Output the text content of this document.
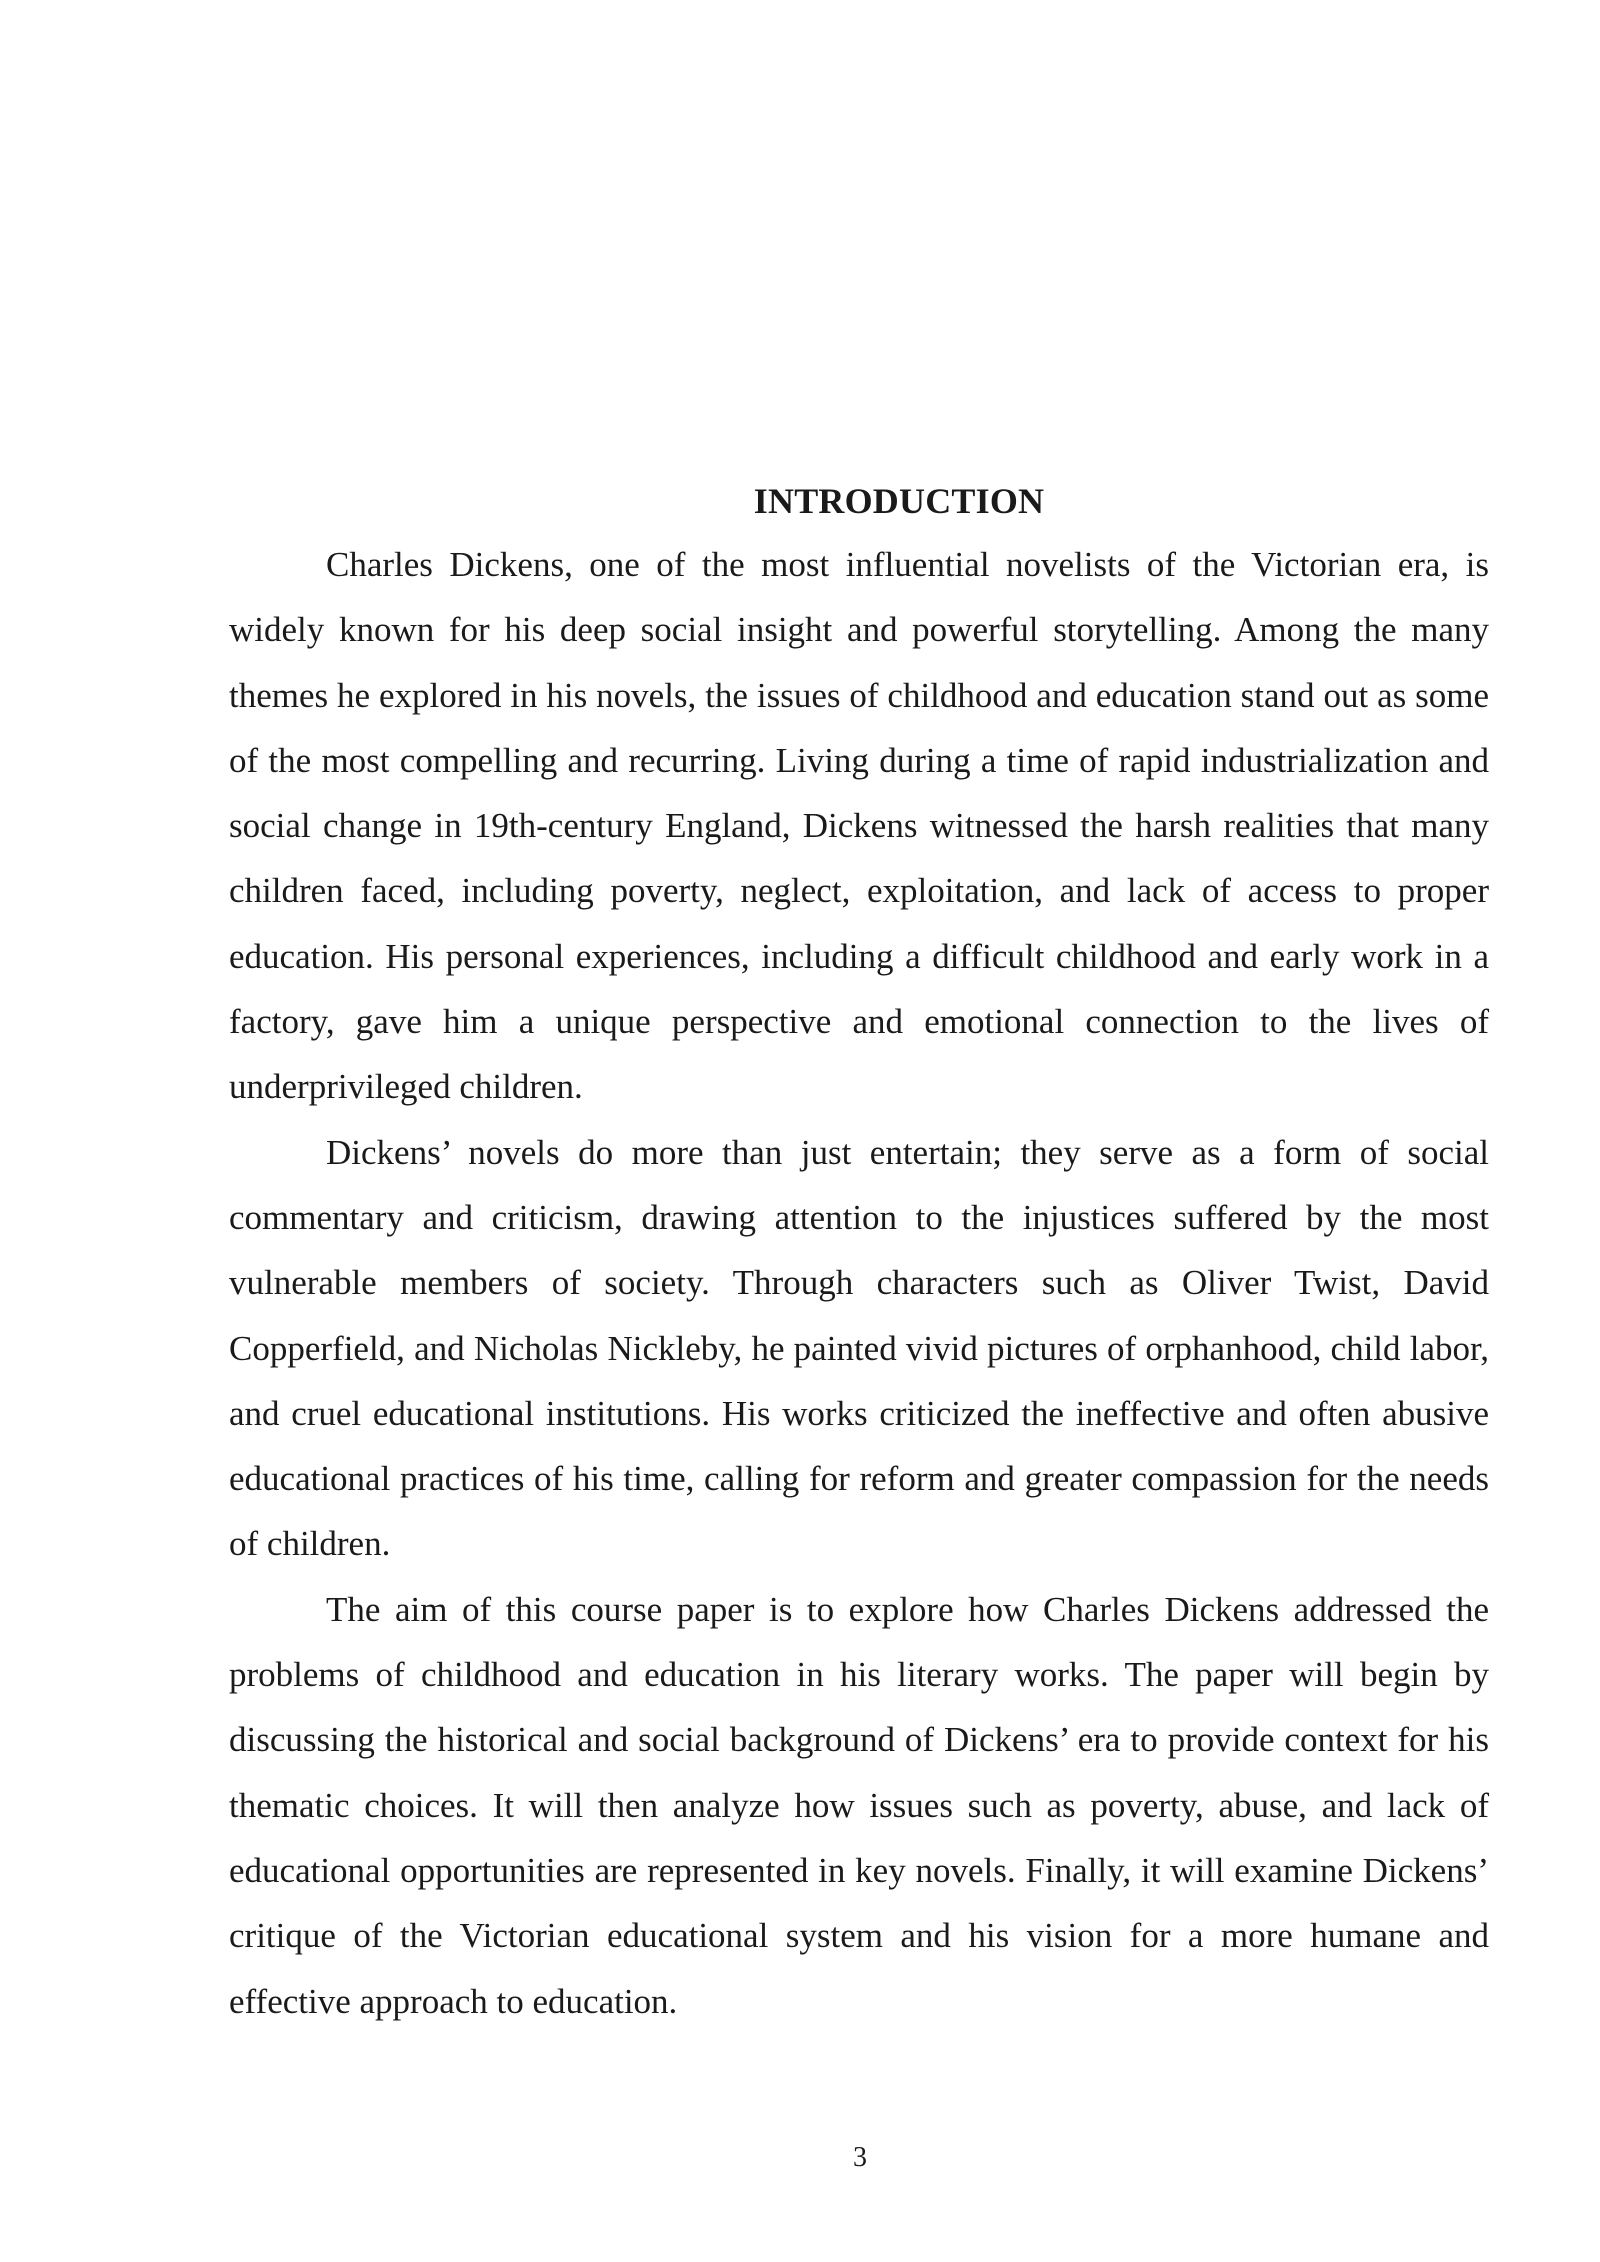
INTRODUCTION

Charles Dickens, one of the most influential novelists of the Victorian era, is widely known for his deep social insight and powerful storytelling. Among the many themes he explored in his novels, the issues of childhood and education stand out as some of the most compelling and recurring. Living during a time of rapid industrialization and social change in 19th-century England, Dickens witnessed the harsh realities that many children faced, including poverty, neglect, exploitation, and lack of access to proper education. His personal experiences, including a difficult childhood and early work in a factory, gave him a unique perspective and emotional connection to the lives of underprivileged children.

Dickens’ novels do more than just entertain; they serve as a form of social commentary and criticism, drawing attention to the injustices suffered by the most vulnerable members of society. Through characters such as Oliver Twist, David Copperfield, and Nicholas Nickleby, he painted vivid pictures of orphanhood, child labor, and cruel educational institutions. His works criticized the ineffective and often abusive educational practices of his time, calling for reform and greater compassion for the needs of children.

The aim of this course paper is to explore how Charles Dickens addressed the problems of childhood and education in his literary works. The paper will begin by discussing the historical and social background of Dickens’ era to provide context for his thematic choices. It will then analyze how issues such as poverty, abuse, and lack of educational opportunities are represented in key novels. Finally, it will examine Dickens’ critique of the Victorian educational system and his vision for a more humane and effective approach to education.

3
